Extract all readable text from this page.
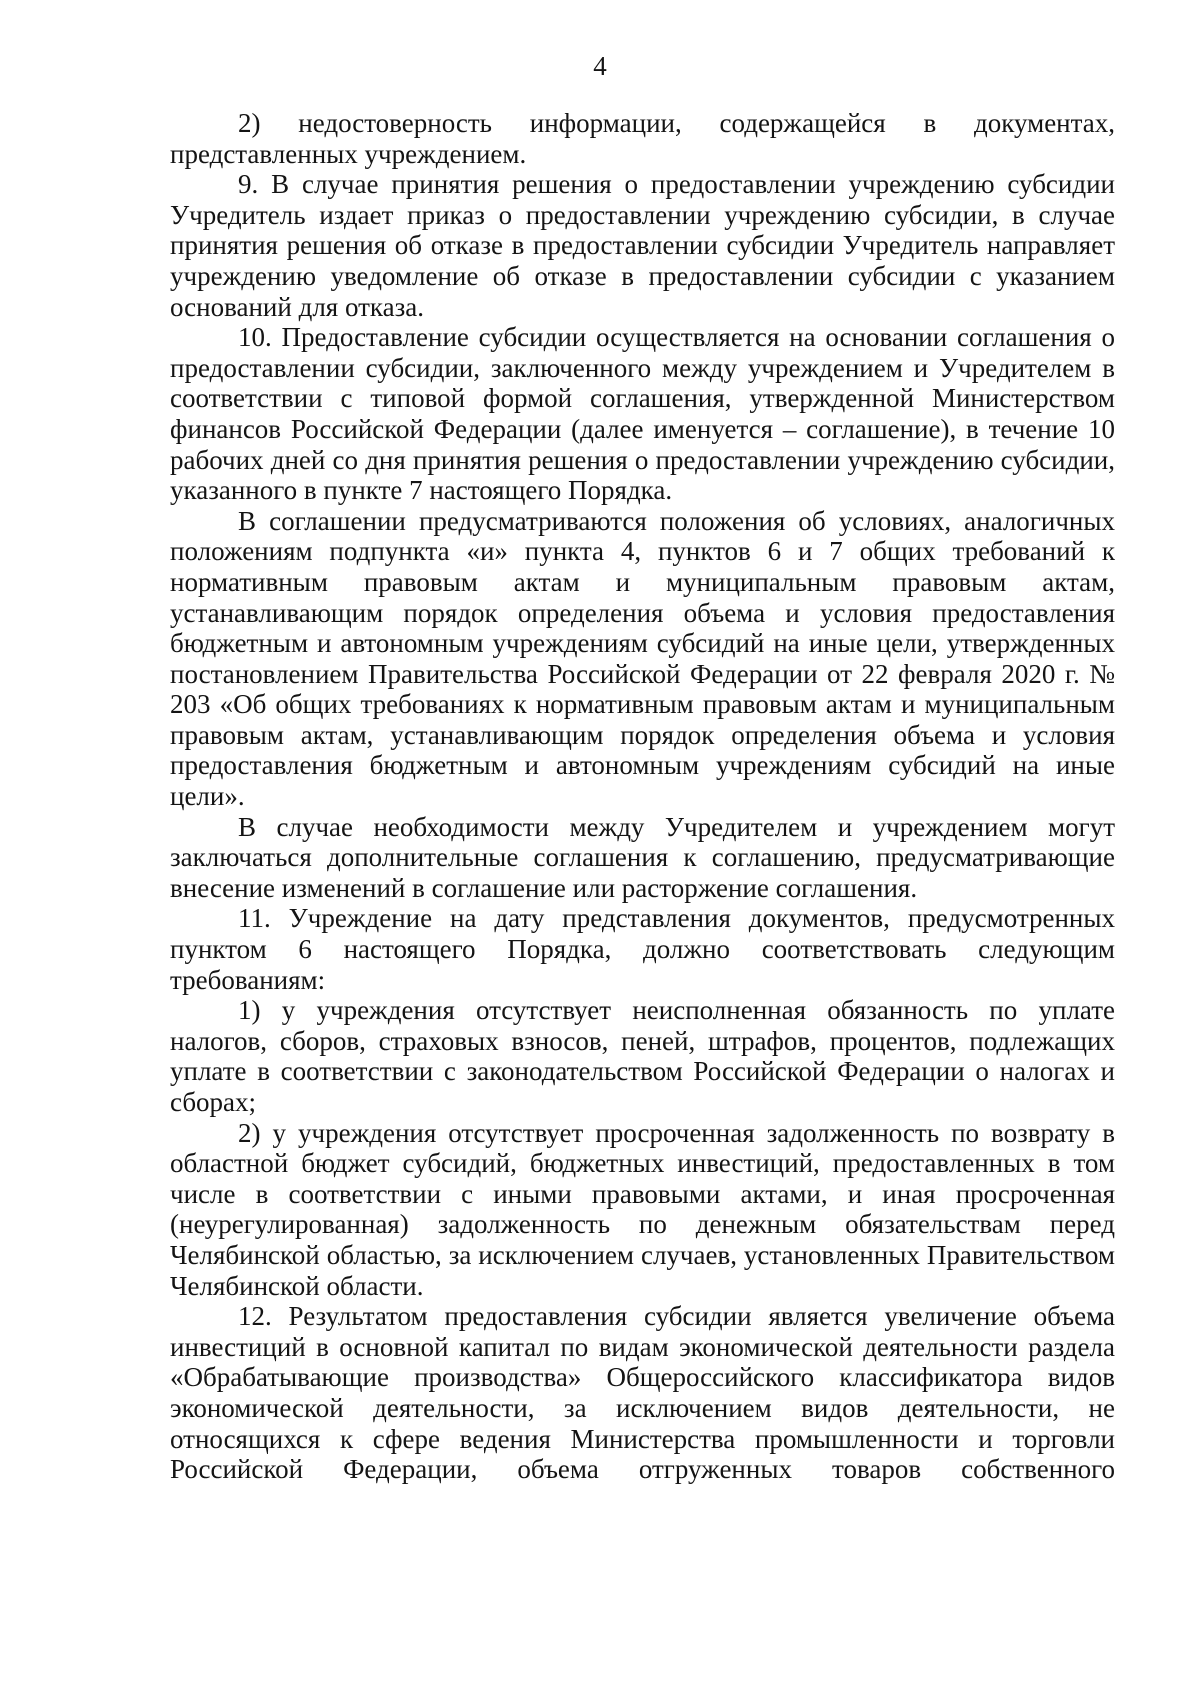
4

2) недостоверность информации, содержащейся в документах, представленных учреждением.

9. В случае принятия решения о предоставлении учреждению субсидии Учредитель издает приказ о предоставлении учреждению субсидии, в случае принятия решения об отказе в предоставлении субсидии Учредитель направляет учреждению уведомление об отказе в предоставлении субсидии с указанием оснований для отказа.

10. Предоставление субсидии осуществляется на основании соглашения о предоставлении субсидии, заключенного между учреждением и Учредителем в соответствии с типовой формой соглашения, утвержденной Министерством финансов Российской Федерации (далее именуется – соглашение), в течение 10 рабочих дней со дня принятия решения о предоставлении учреждению субсидии, указанного в пункте 7 настоящего Порядка.

В соглашении предусматриваются положения об условиях, аналогичных положениям подпункта «и» пункта 4, пунктов 6 и 7 общих требований к нормативным правовым актам и муниципальным правовым актам, устанавливающим порядок определения объема и условия предоставления бюджетным и автономным учреждениям субсидий на иные цели, утвержденных постановлением Правительства Российской Федерации от 22 февраля 2020 г. № 203 «Об общих требованиях к нормативным правовым актам и муниципальным правовым актам, устанавливающим порядок определения объема и условия предоставления бюджетным и автономным учреждениям субсидий на иные цели».

В случае необходимости между Учредителем и учреждением могут заключаться дополнительные соглашения к соглашению, предусматривающие внесение изменений в соглашение или расторжение соглашения.

11. Учреждение на дату представления документов, предусмотренных пунктом 6 настоящего Порядка, должно соответствовать следующим требованиям:

1) у учреждения отсутствует неисполненная обязанность по уплате налогов, сборов, страховых взносов, пеней, штрафов, процентов, подлежащих уплате в соответствии с законодательством Российской Федерации о налогах и сборах;

2) у учреждения отсутствует просроченная задолженность по возврату в областной бюджет субсидий, бюджетных инвестиций, предоставленных в том числе в соответствии с иными правовыми актами, и иная просроченная (неурегулированная) задолженность по денежным обязательствам перед Челябинской областью, за исключением случаев, установленных Правительством Челябинской области.

12. Результатом предоставления субсидии является увеличение объема инвестиций в основной капитал по видам экономической деятельности раздела «Обрабатывающие производства» Общероссийского классификатора видов экономической деятельности, за исключением видов деятельности, не относящихся к сфере ведения Министерства промышленности и торговли Российской Федерации, объема отгруженных товаров собственного
